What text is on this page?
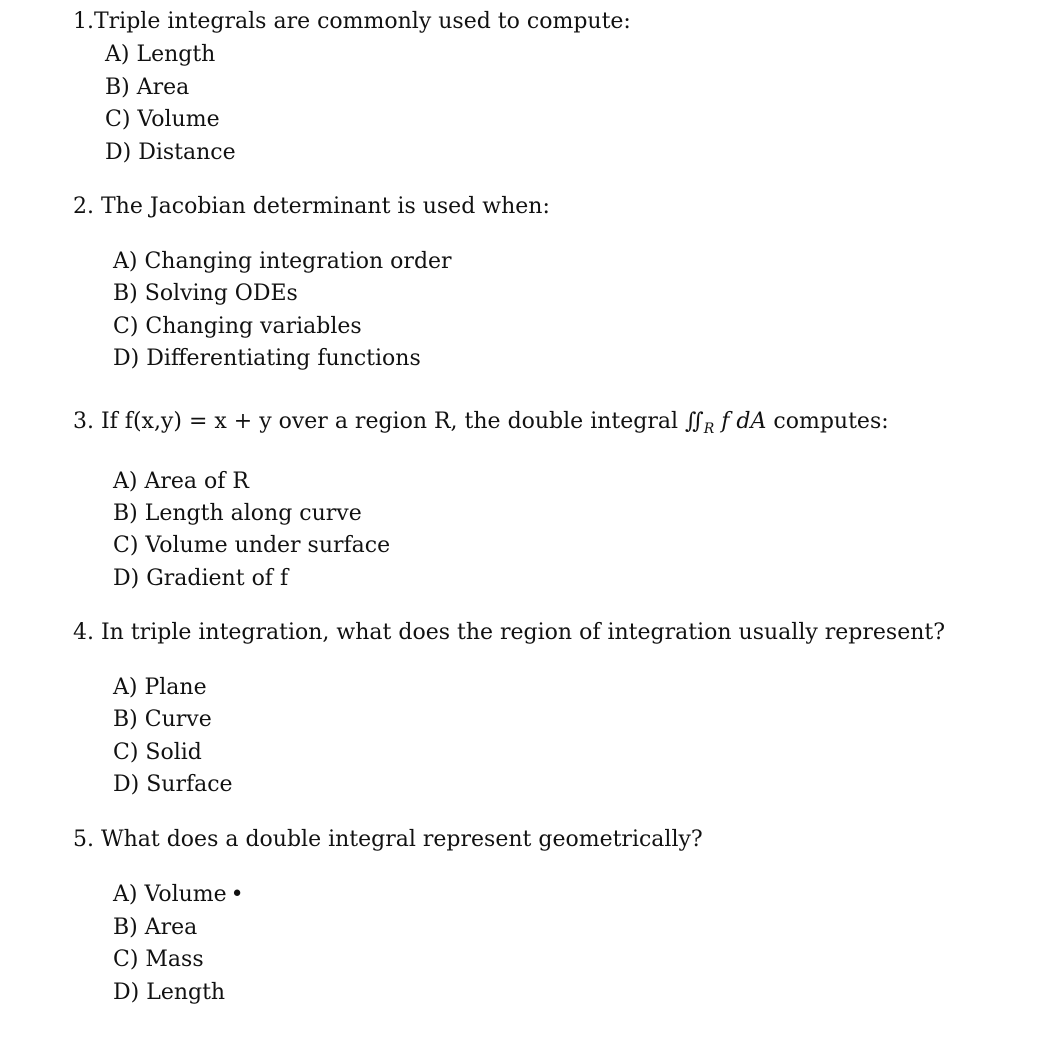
1.Triple integrals are commonly used to compute:
A) Length
B) Area
C) Volume
D) Distance
2. The Jacobian determinant is used when:
A) Changing integration order
B) Solving ODEs
C) Changing variables
D) Differentiating functions
3. If f(x,y) = x + y over a region R, the double integral $∬_R$ f dA computes:
A) Area of R
B) Length along curve
C) Volume under surface
D) Gradient of f
4. In triple integration, what does the region of integration usually represent?
A) Plane
B) Curve
C) Solid
D) Surface
5. What does a double integral represent geometrically?
A) Volume •
B) Area
C) Mass
D) Length
